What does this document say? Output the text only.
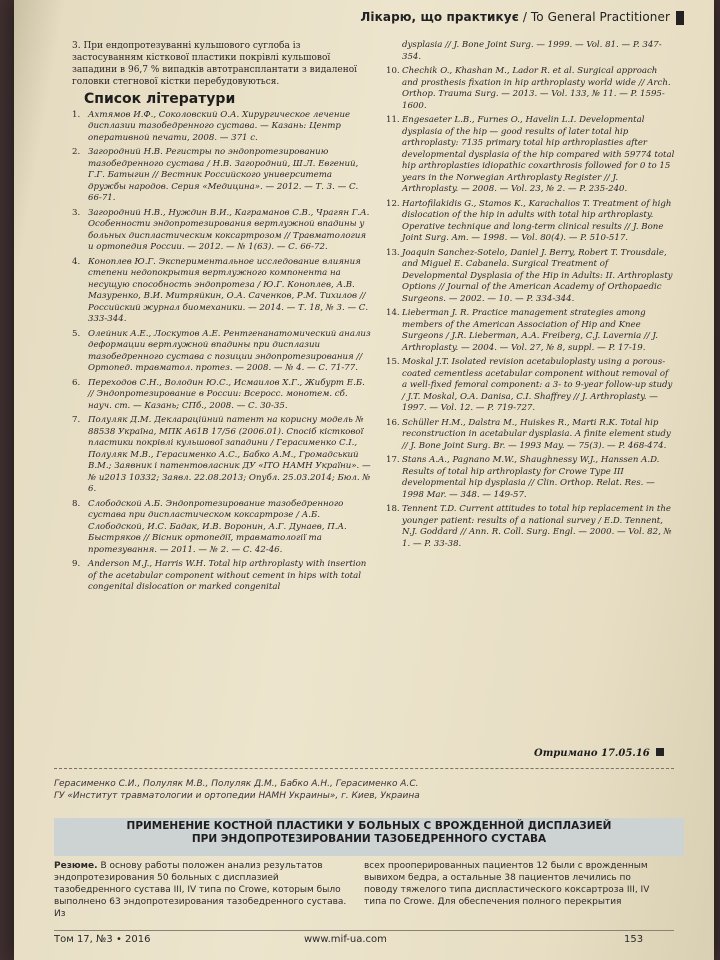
Лікарю, що практикує / To General Practitioner

3. При ендопротезуванні кульшового суглоба із застосуванням кісткової пластики покрівлі кульшової западини в 96,7 % випадків автотрансплантати з видаленої головки стегнової кістки перебудовуються.

Список літератури
1. Ахтямов И.Ф., Соколовский О.А. Хирургическое лечение дисплазии тазобедренного сустава. — Казань: Центр оперативной печати, 2008. — 371 с.
2. Загородний Н.В. Регистры по эндопротезированию тазобедренного сустава / Н.В. Загородний, Ш.Л. Евгений, Г.Г. Батыгин // Вестник Российского университета дружбы народов. Серия «Медицина». — 2012. — Т. 3. — С. 66-71.
3. Загородний Н.В., Нуждин В.И., Каграманов С.В., Чрагян Г.А. Особенности эндопротезирования вертлужной впадины у больных диспластическим коксартрозом // Травматология и ортопедия России. — 2012. — № 1(63). — С. 66-72.
4. Коноплев Ю.Г. Экспериментальное исследование влияния степени недопокрытия вертлужного компонента на несущую способность эндопротеза / Ю.Г. Коноплев, А.В. Мазуренко, В.И. Митряйкин, О.А. Саченков, Р.М. Тихилов // Российский журнал биомеханики. — 2014. — Т. 18, № 3. — С. 333-344.
5. Олейник А.Е., Лоскутов А.Е. Рентгенанатомический анализ деформации вертлужной впадины при дисплазии тазобедренного сустава с позиции эндопротезирования // Ортопед. травматол. протез. — 2008. — № 4. — С. 71-77.
6. Переходов С.Н., Володин Ю.С., Исмаилов Х.Г., Жибурт Е.Б. // Эндопротезирование в России: Всеросс. монотем. сб. науч. ст. — Казань; СПб., 2008. — С. 30-35.
7. Полуляк Д.М. Деклараційний патент на корисну модель № 88538 Україна, МПК А61В 17/56 (2006.01). Спосіб кісткової пластики покрівлі кульшової западини / Герасименко С.І., Полуляк М.В., Герасименко А.С., Бабко А.М., Громадський В.М.; Заявник і патентовласник ДУ «ІТО НАМН України». — № u2013 10332; Заявл. 22.08.2013; Опубл. 25.03.2014; Бюл. № 6.
8. Слободской А.Б. Эндопротезирование тазобедренного сустава при диспластическом коксартрозе / А.Б. Слободской, И.С. Бадак, И.В. Воронин, А.Г. Дунаев, П.А. Быстряков // Вісник ортопедії, травматології та протезування. — 2011. — № 2. — С. 42-46.
9. Anderson M.J., Harris W.H. Total hip arthroplasty with insertion of the acetabular component without cement in hips with total congenital dislocation or marked congenital
dysplasia // J. Bone Joint Surg. — 1999. — Vol. 81. — P. 347-354.
10. Chechik O., Khashan M., Lador R. et al. Surgical approach and prosthesis fixation in hip arthroplasty world wide // Arch. Orthop. Trauma Surg. — 2013. — Vol. 133, № 11. — P. 1595-1600.
11. Engesaeter L.B., Furnes O., Havelin L.I. Developmental dysplasia of the hip — good results of later total hip arthroplasty: 7135 primary total hip arthroplasties after developmental dysplasia of the hip compared with 59774 total hip arthroplasties idiopathic coxarthrosis followed for 0 to 15 years in the Norwegian Arthroplasty Register // J. Arthroplasty. — 2008. — Vol. 23, № 2. — P. 235-240.
12. Hartofilakidis G., Stamos K., Karachalios T. Treatment of high dislocation of the hip in adults with total hip arthroplasty. Operative technique and long-term clinical results // J. Bone Joint Surg. Am. — 1998. — Vol. 80(4). — P. 510-517.
13. Joaquin Sanchez-Sotelo, Daniel J. Berry, Robert T. Trousdale, and Miguel E. Cabanela. Surgical Treatment of Developmental Dysplasia of the Hip in Adults: II. Arthroplasty Options // Journal of the American Academy of Orthopaedic Surgeons. — 2002. — 10. — P. 334-344.
14. Lieberman J. R. Practice management strategies among members of the American Association of Hip and Knee Surgeons / J.R. Lieberman, A.A. Freiberg, C.J. Lavernia // J. Arthroplasty. — 2004. — Vol. 27, № 8, suppl. — P. 17-19.
15. Moskal J.T. Isolated revision acetabuloplasty using a porous-coated cementless acetabular component without removal of a well-fixed femoral component: a 3- to 9-year follow-up study / J.T. Moskal, O.A. Danisa, C.I. Shaffrey // J. Arthroplasty. — 1997. — Vol. 12. — P. 719-727.
16. Schüller H.M., Dalstra M., Huiskes R., Marti R.K. Total hip reconstruction in acetabular dysplasia. A finite element study // J. Bone Joint Surg. Br. — 1993 May. — 75(3). — P. 468-474.
17. Stans A.A., Pagnano M.W., Shaughnessy W.J., Hanssen A.D. Results of total hip arthroplasty for Crowe Type III developmental hip dysplasia // Clin. Orthop. Relat. Res. — 1998 Mar. — 348. — 149-57.
18. Tennent T.D. Current attitudes to total hip replacement in the younger patient: results of a national survey / E.D. Tennent, N.J. Goddard // Ann. R. Coll. Surg. Engl. — 2000. — Vol. 82, № 1. — P. 33-38.
Отримано 17.05.16
Герасименко С.И., Полуляк М.В., Полуляк Д.М., Бабко А.Н., Герасименко А.С.
ГУ «Институт травматологии и ортопедии НАМН Украины», г. Киев, Украина
ПРИМЕНЕНИЕ КОСТНОЙ ПЛАСТИКИ У БОЛЬНЫХ С ВРОЖДЕННОЙ ДИСПЛАЗИЕЙ
ПРИ ЭНДОПРОТЕЗИРОВАНИИ ТАЗОБЕДРЕННОГО СУСТАВА
Резюме. В основу работы положен анализ результатов эндопротезирования 50 больных с дисплазией тазобедренного сустава III, IV типа по Crowe, которым было выполнено 63 эндопротезирования тазобедренного сустава. Из
всех прооперированных пациентов 12 были с врожденным вывихом бедра, а остальные 38 пациентов лечились по поводу тяжелого типа диспластического коксартроза III, IV типа по Crowe. Для обеспечения полного перекрытия
Том 17, №3 • 2016	www.mif-ua.com	153
